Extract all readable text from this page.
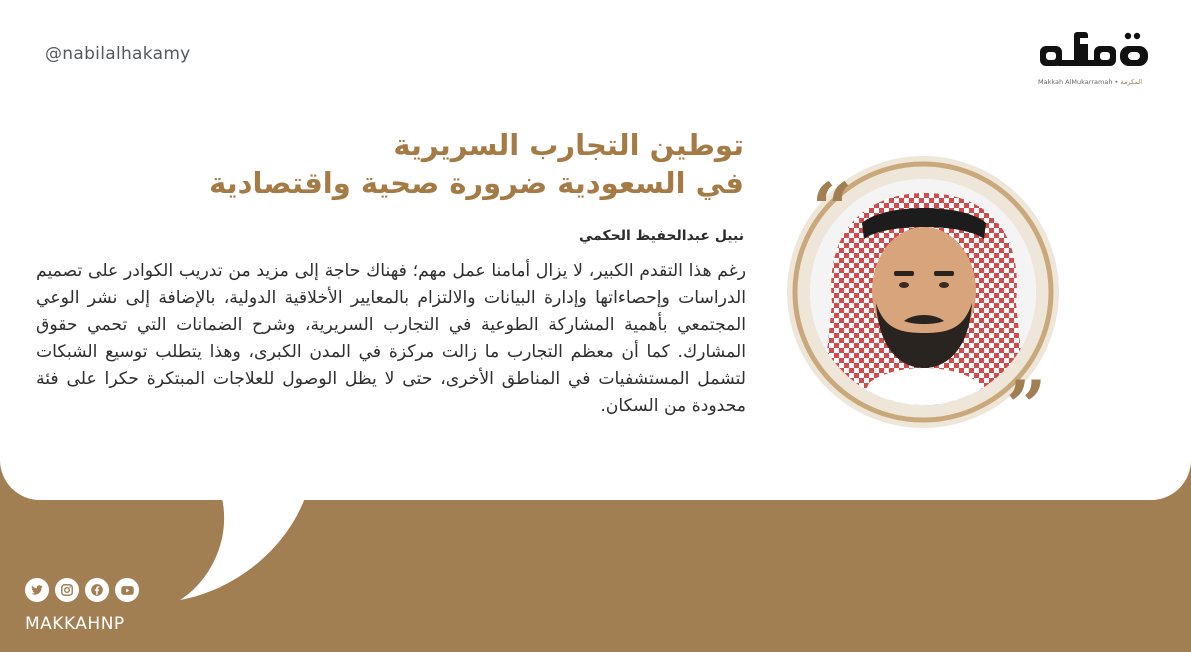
@nabilalhakamy
Makkah AlMukarramah • المكرمة
توطين التجارب السريرية
في السعودية ضرورة صحية واقتصادية
نبيل عبدالحفيظ الحكمي
رغم هذا التقدم الكبير، لا يزال أمامنا عمل مهم؛ فهناك حاجة إلى مزيد من تدريب الكوادر على تصميم الدراسات وإحصاءاتها وإدارة البيانات والالتزام بالمعايير الأخلاقية الدولية، بالإضافة إلى نشر الوعي المجتمعي بأهمية المشاركة الطوعية في التجارب السريرية، وشرح الضمانات التي تحمي حقوق المشارك. كما أن معظم التجارب ما زالت مركزة في المدن الكبرى، وهذا يتطلب توسيع الشبكات لتشمل المستشفيات في المناطق الأخرى، حتى لا يظل الوصول للعلاجات المبتكرة حكرا على فئة محدودة من السكان.
“
”
MAKKAHNP
